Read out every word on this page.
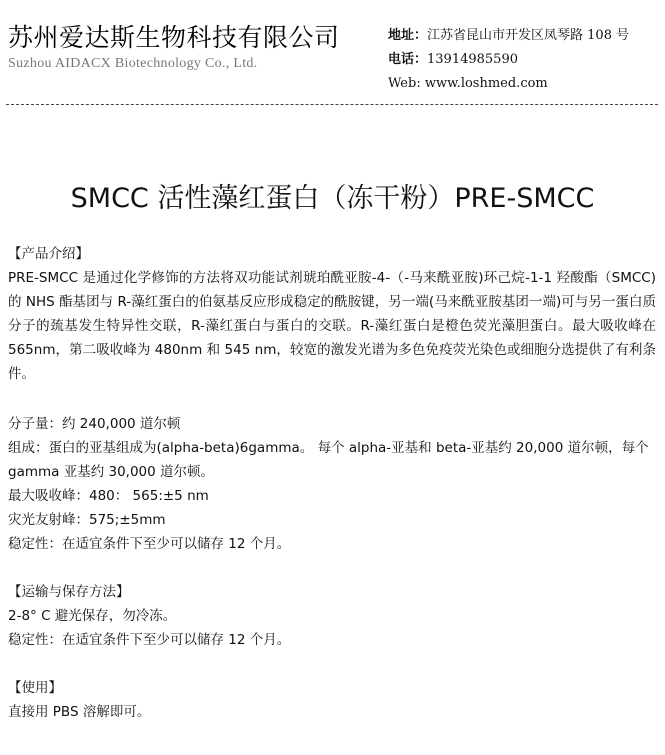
苏州爱达斯生物科技有限公司
Suzhou AIDACX Biotechnology Co., Ltd.
地址：江苏省昆山市开发区凤琴路 108 号
电话：13914985590
Web: www.loshmed.com
SMCC 活性藻红蛋白（冻干粉）PRE-SMCC

【产品介绍】

PRE-SMCC 是通过化学修饰的方法将双功能试剂琥珀酰亚胺-4-（-马来酰亚胺)环己烷-1-1 羟酸酯（SMCC) 的 NHS 酯基团与 R-藻红蛋白的伯氨基反应形成稳定的酰胺键，另一端(马来酰亚胺基团一端)可与另一蛋白质分子的巯基发生特异性交联，R-藻红蛋白与蛋白的交联。R-藻红蛋白是橙色荧光藻胆蛋白。最大吸收峰在 565nm，第二吸收峰为 480nm 和 545 nm，较宽的激发光谱为多色免疫荧光染色或细胞分选提供了有利条件。

分子量：约 240,000 道尔顿

组成：蛋白的亚基组成为(alpha-beta)6gamma。 每个 alpha-亚基和 beta-亚基约 20,000 道尔顿，每个 gamma 亚基约 30,000 道尔顿。

最大吸收峰：480： 565:±5 nm

灾光友射峰：575;±5mm

稳定性：在适宜条件下至少可以储存 12 个月。

【运输与保存方法】

2-8° C 避光保存，勿冷冻。

稳定性：在适宜条件下至少可以储存 12 个月。

【使用】

直接用 PBS 溶解即可。
